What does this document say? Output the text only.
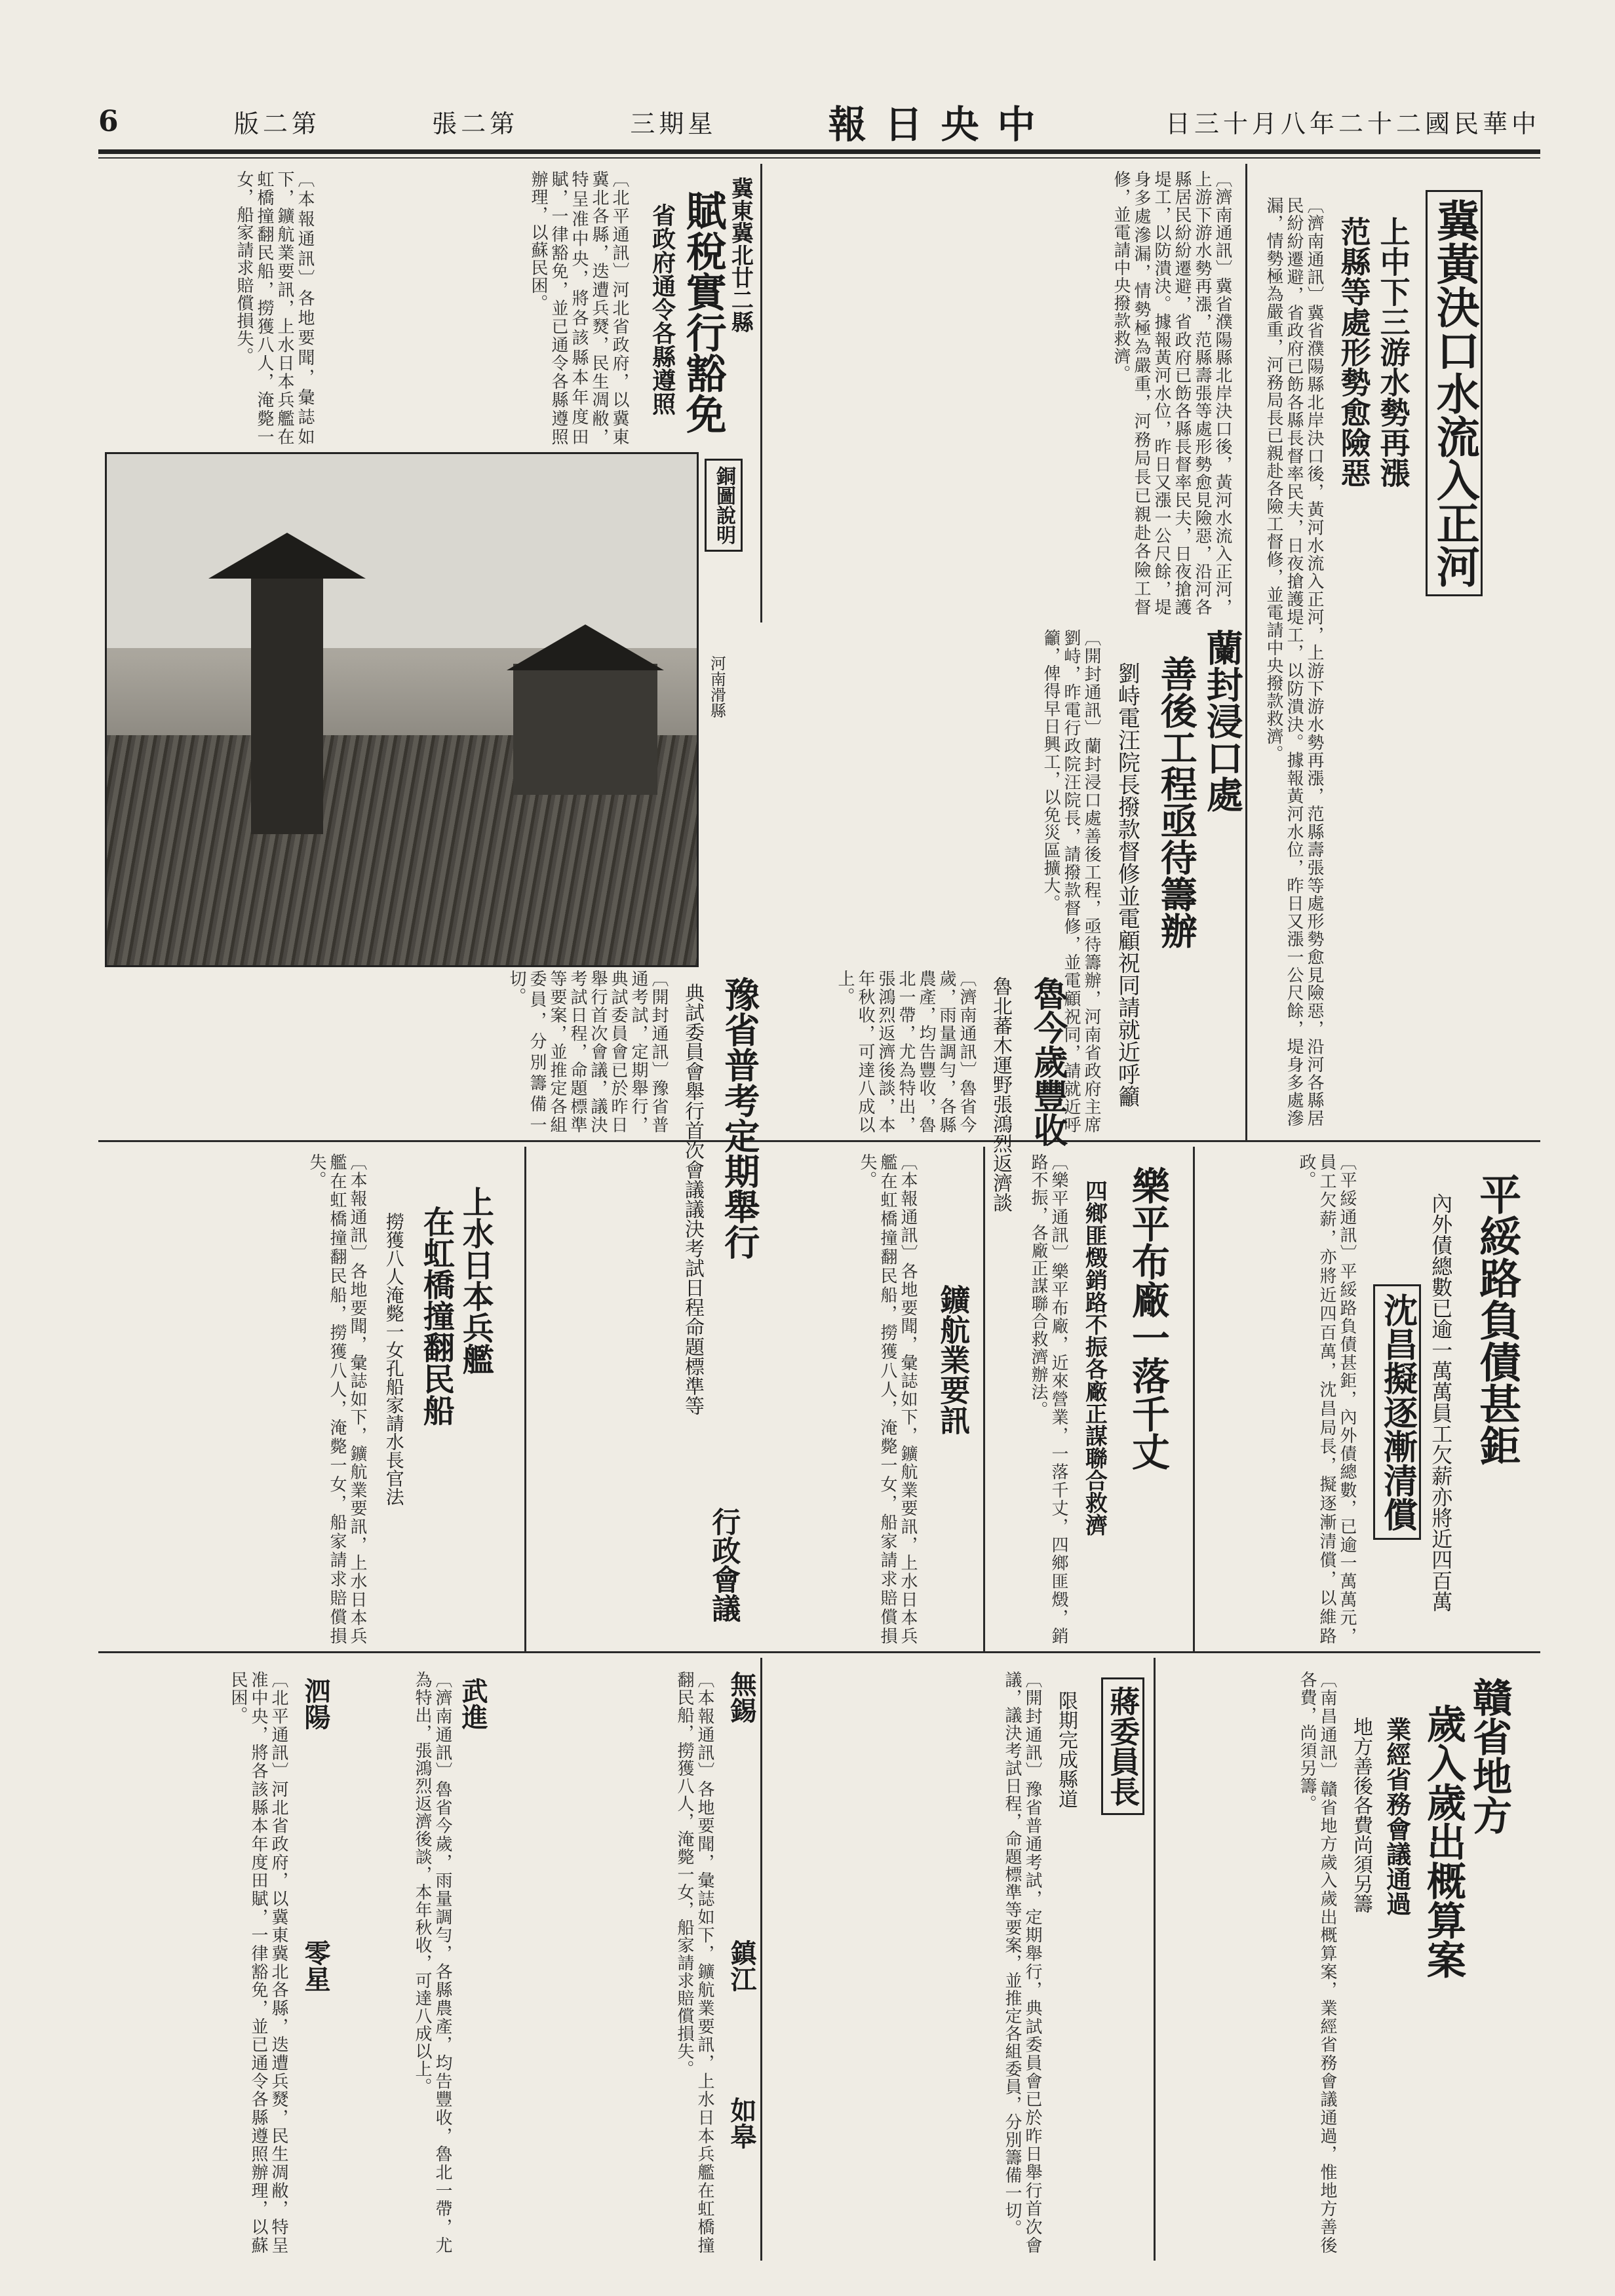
6	版二第	張二第	三期星	報日央中	日三十月八年二十二國民華中
冀黃決口水流入正河
上中下三游水勢再漲
范縣等處形勢愈險惡
〔濟南通訊〕冀省濮陽縣北岸決口後，黃河水流入正河，上游下游水勢再漲，范縣壽張等處形勢愈見險惡，沿河各縣居民紛紛遷避，省政府已飭各縣長督率民夫，日夜搶護堤工，以防潰決。據報黃河水位，昨日又漲一公尺餘，堤身多處滲漏，情勢極為嚴重，河務局長已親赴各險工督修，並電請中央撥款救濟。
〔濟南通訊〕冀省濮陽縣北岸決口後，黃河水流入正河，上游下游水勢再漲，范縣壽張等處形勢愈見險惡，沿河各縣居民紛紛遷避，省政府已飭各縣長督率民夫，日夜搶護堤工，以防潰決。據報黃河水位，昨日又漲一公尺餘，堤身多處滲漏，情勢極為嚴重，河務局長已親赴各險工督修，並電請中央撥款救濟。
蘭封浸口處
善後工程亟待籌辦
劉峙電汪院長撥款督修並電顧祝同請就近呼籲
〔開封通訊〕蘭封浸口處善後工程，亟待籌辦，河南省政府主席劉峙，昨電行政院汪院長，請撥款督修，並電顧祝同，請就近呼籲，俾得早日興工，以免災區擴大。
銅圖說明
河南滑縣
〔本報通訊〕各地要聞，彙誌如下，鑛航業要訊，上水日本兵艦在虹橋撞翻民船，撈獲八人，淹斃一女，船家請求賠償損失。	冀東冀北廿二縣
賦稅實行豁免
省政府通令各縣遵照
〔北平通訊〕河北省政府，以冀東冀北各縣，迭遭兵燹，民生凋敝，特呈准中央，將各該縣本年度田賦，一律豁免，並已通令各縣遵照辦理，以蘇民困。
豫省普考定期舉行
典試委員會舉行首次會議議決考試日程命題標準等
〔開封通訊〕豫省普通考試，定期舉行，典試委員會已於昨日舉行首次會議，議決考試日程，命題標準等要案，並推定各組委員，分別籌備一切。	魯今歲豐收
魯北蕃木運野張鴻烈返濟談
〔濟南通訊〕魯省今歲，雨量調勻，各縣農產，均告豐收，魯北一帶，尤為特出，張鴻烈返濟後談，本年秋收，可達八成以上。
平綏路負債甚鉅
內外債總數已逾一萬萬員工欠薪亦將近四百萬
沈昌擬逐漸清償
〔平綏通訊〕平綏路負債甚鉅，內外債總數，已逾一萬萬元，員工欠薪，亦將近四百萬，沈昌局長，擬逐漸清償，以維路政。
樂平布廠一落千丈
四鄉匪燬銷路不振各廠正謀聯合救濟
〔樂平通訊〕樂平布廠，近來營業，一落千丈，四鄉匪燬，銷路不振，各廠正謀聯合救濟辦法。
鑛航業要訊
〔本報通訊〕各地要聞，彙誌如下，鑛航業要訊，上水日本兵艦在虹橋撞翻民船，撈獲八人，淹斃一女，船家請求賠償損失。
上水日本兵艦
在虹橋撞翻民船
撈獲八人淹斃一女孔船家請水長官法
〔本報通訊〕各地要聞，彙誌如下，鑛航業要訊，上水日本兵艦在虹橋撞翻民船，撈獲八人，淹斃一女，船家請求賠償損失。
行政會議
贛省地方
歲入歲出概算案
業經省務會議通過
地方善後各費尚須另籌
〔南昌通訊〕贛省地方歲入歲出概算案，業經省務會議通過，惟地方善後各費，尚須另籌。
蔣委員長
限期完成縣道
〔開封通訊〕豫省普通考試，定期舉行，典試委員會已於昨日舉行首次會議，議決考試日程，命題標準等要案，並推定各組委員，分別籌備一切。
無錫
鎮江
如皋
武進
泗陽
零星	〔本報通訊〕各地要聞，彙誌如下，鑛航業要訊，上水日本兵艦在虹橋撞翻民船，撈獲八人，淹斃一女，船家請求賠償損失。
〔濟南通訊〕魯省今歲，雨量調勻，各縣農產，均告豐收，魯北一帶，尤為特出，張鴻烈返濟後談，本年秋收，可達八成以上。
〔北平通訊〕河北省政府，以冀東冀北各縣，迭遭兵燹，民生凋敝，特呈准中央，將各該縣本年度田賦，一律豁免，並已通令各縣遵照辦理，以蘇民困。
